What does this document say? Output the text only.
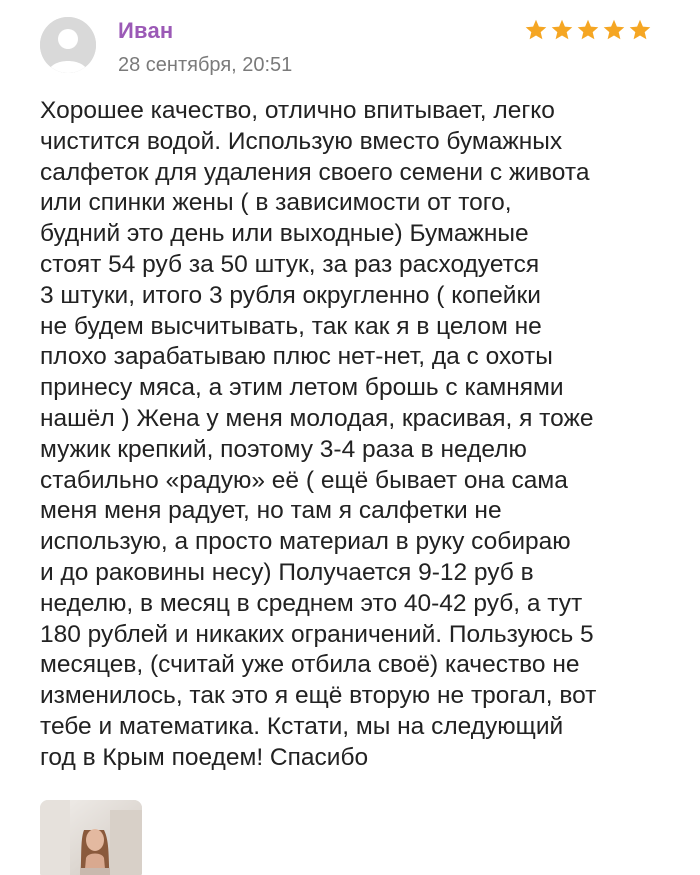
Иван
28 сентября, 20:51

Хорошее качество, отлично впитывает, легко
чистится водой. Использую вместо бумажных
салфеток для удаления своего семени с живота
или спинки жены ( в зависимости от того,
будний это день или выходные) Бумажные
стоят 54 руб за 50 штук, за раз расходуется
3 штуки, итого 3 рубля округленно ( копейки
не будем высчитывать, так как я в целом не
плохо зарабатываю плюс нет-нет, да с охоты
принесу мяса, а этим летом брошь с камнями
нашёл ) Жена у меня молодая, красивая, я тоже
мужик крепкий, поэтому 3-4 раза в неделю
стабильно «радую» её ( ещё бывает она сама
меня меня радует, но там я салфетки не
использую, а просто материал в руку собираю
и до раковины несу) Получается 9-12 руб в
неделю, в месяц в среднем это 40-42 руб, а тут
180 рублей и никаких ограничений. Пользуюсь 5
месяцев, (считай уже отбила своё) качество не
изменилось, так это я ещё вторую не трогал, вот
тебе и математика. Кстати, мы на следующий
год в Крым поедем! Спасибо
